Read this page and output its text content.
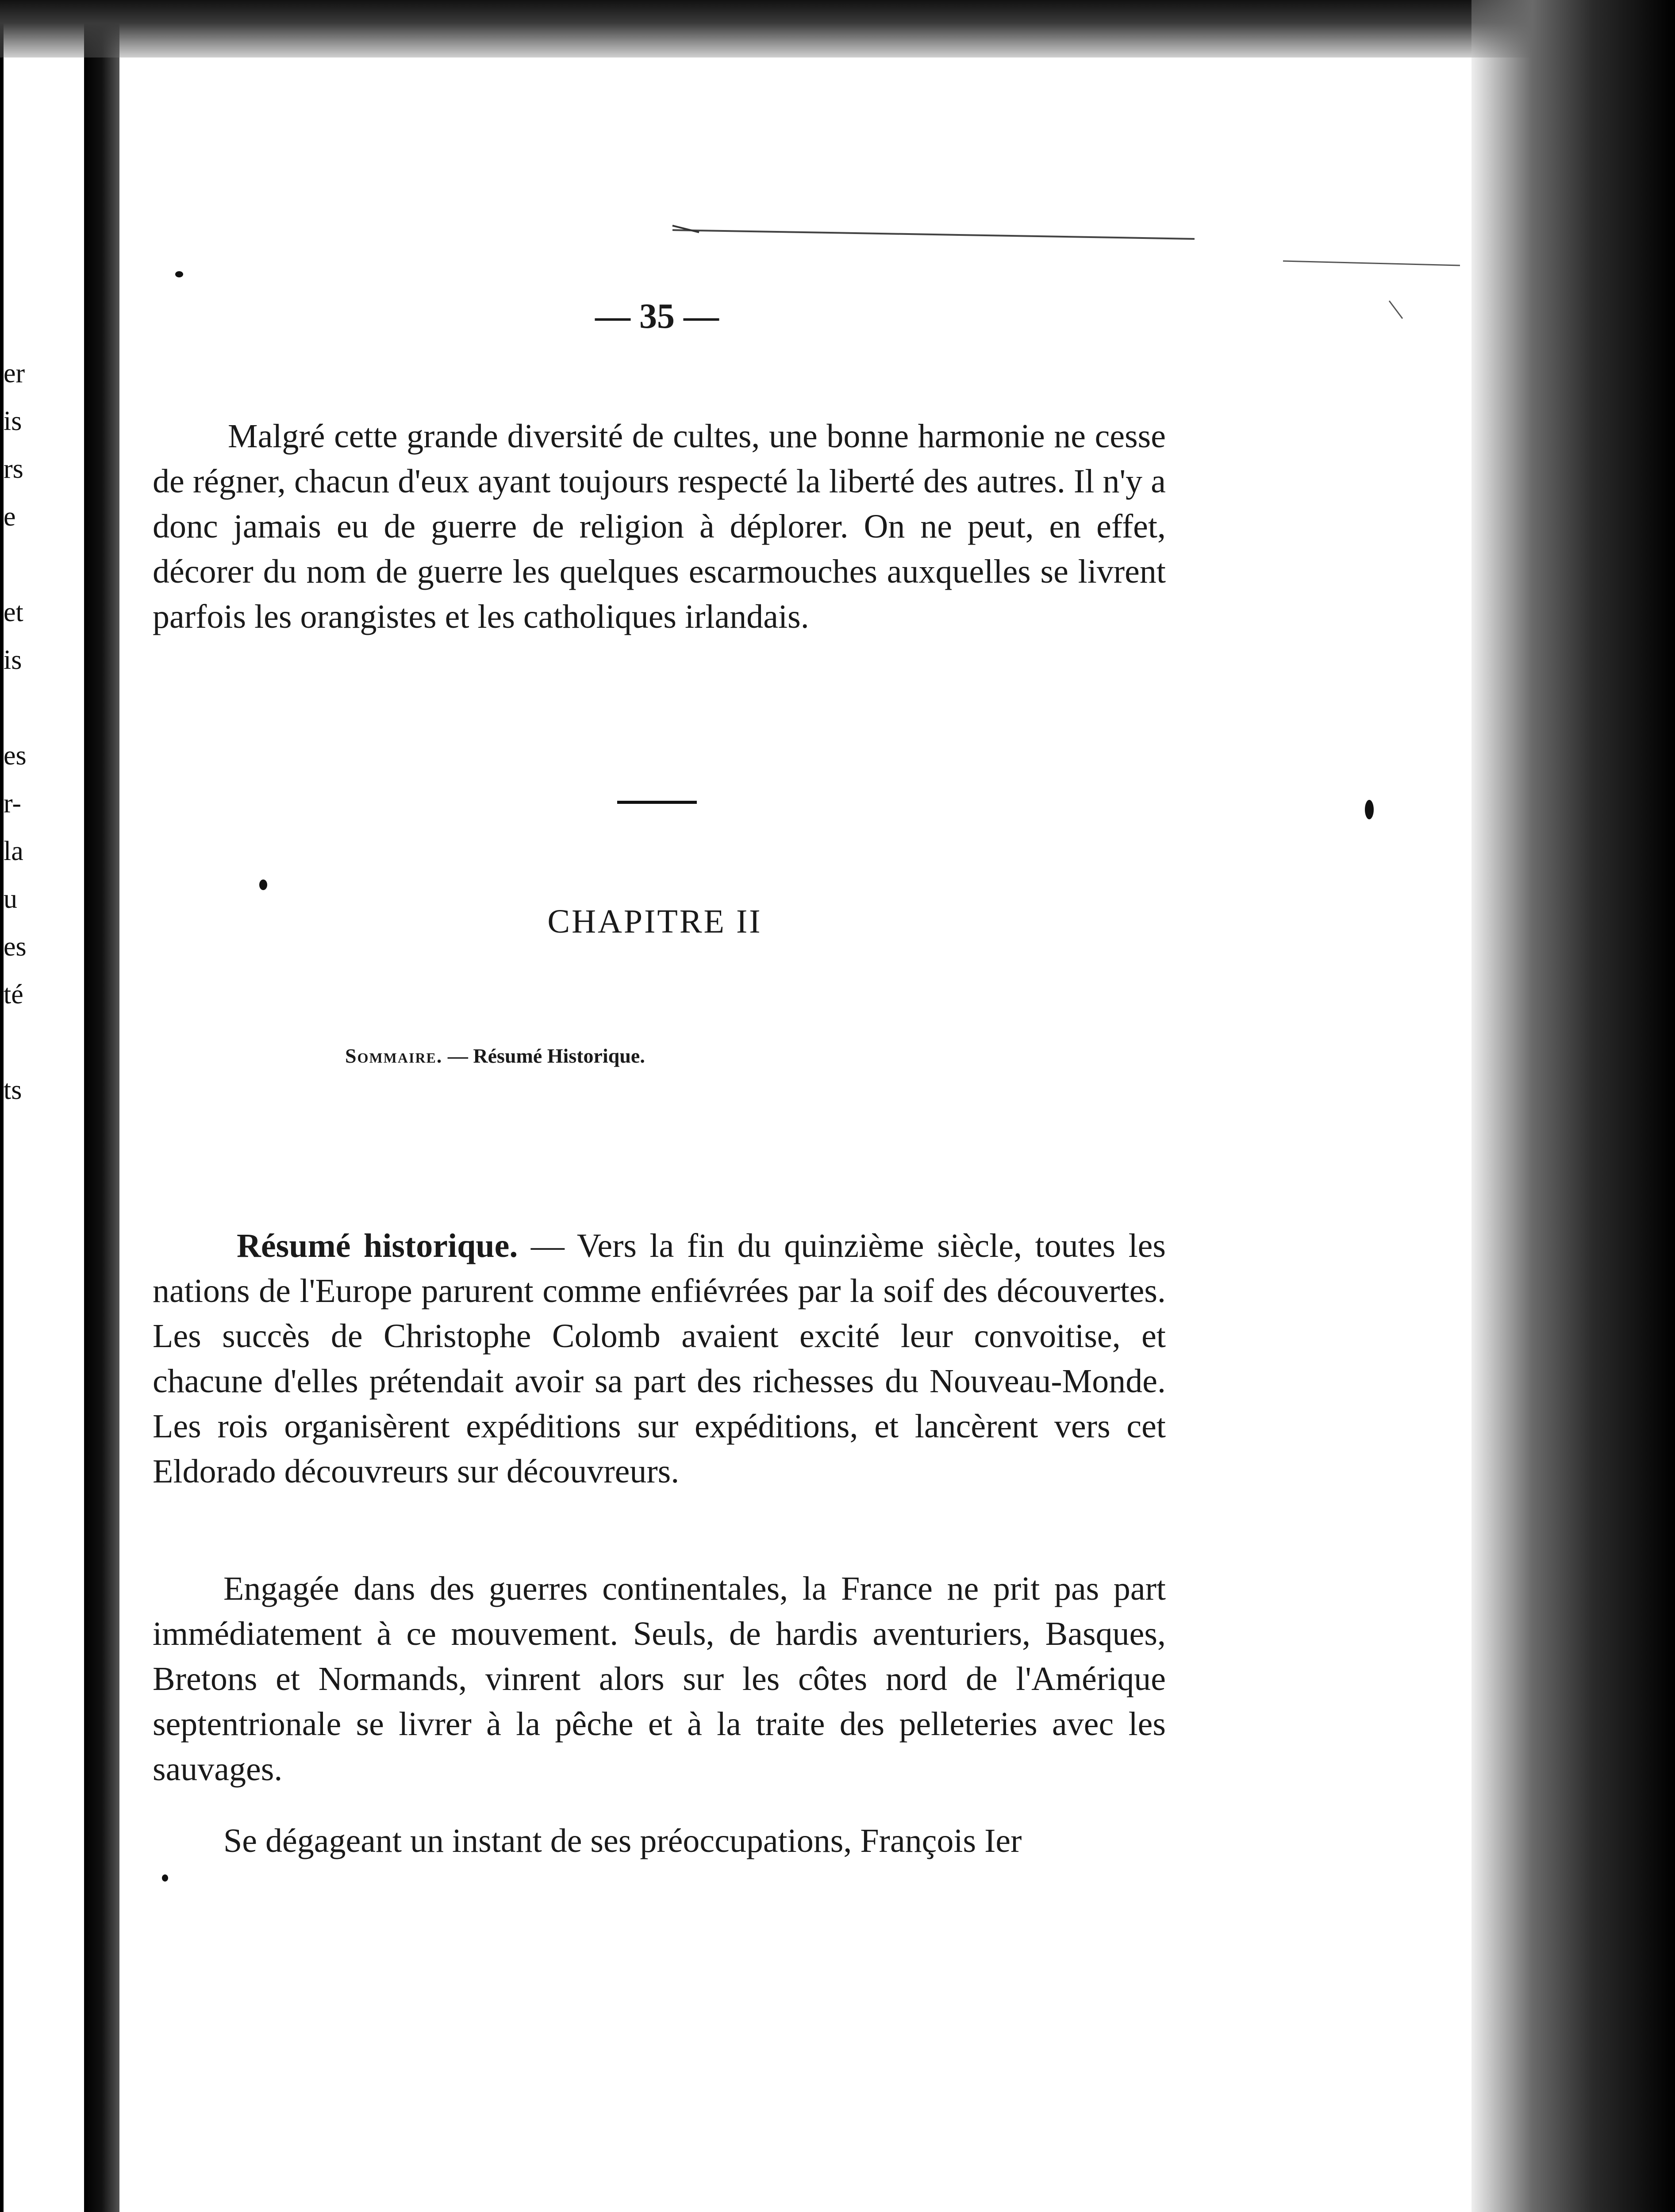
er
is
rs
e
et
is
es
r-
la
u
es
té
ts
— 35 —

Malgré cette grande diversité de cultes, une bonne harmonie ne cesse de régner, chacun d'eux ayant toujours respecté la liberté des autres. Il n'y a donc jamais eu de guerre de religion à déplorer. On ne peut, en effet, décorer du nom de guerre les quelques escarmouches auxquelles se livrent parfois les orangistes et les catholiques irlandais.

CHAPITRE II
Sommaire. — Résumé Historique.

Résumé historique. — Vers la fin du quinzième siècle, toutes les nations de l'Europe parurent comme enfiévrées par la soif des découvertes. Les succès de Christophe Colomb avaient excité leur convoitise, et chacune d'elles prétendait avoir sa part des richesses du Nouveau-Monde. Les rois organisèrent expéditions sur expéditions, et lancèrent vers cet Eldorado découvreurs sur découvreurs.

Engagée dans des guerres continentales, la France ne prit pas part immédiatement à ce mouvement. Seuls, de hardis aventuriers, Basques, Bretons et Normands, vinrent alors sur les côtes nord de l'Amérique septentrionale se livrer à la pêche et à la traite des pelleteries avec les sauvages.

Se dégageant un instant de ses préoccupations, François Ier
